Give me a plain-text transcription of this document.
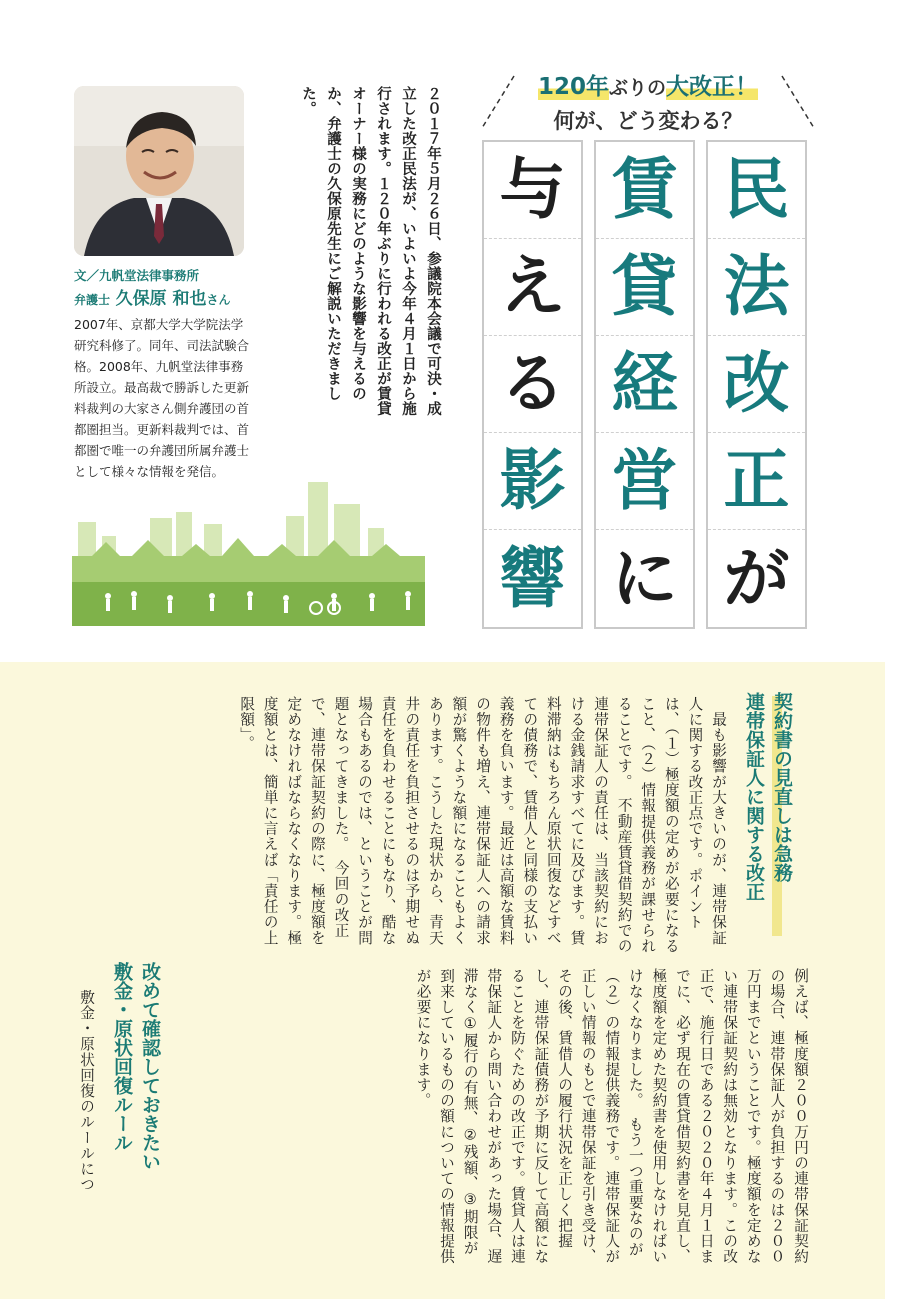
120年ぶりの大改正！
何が、どう変わる？
民
法
改
正
が
賃
貸
経
営
に
与
え
る
影
響
２０１７年５月２６日、参議院本会議で可決・成立した改正民法が、いよいよ今年４月１日から施行されます。１２０年ぶりに行われる改正が賃貸オーナー様の実務にどのような影響を与えるのか、弁護士の久保原先生にご解説いただきました。
文／九帆堂法律事務所
弁護士 久保原 和也さん
2007年、京都大学大学院法学研究科修了。同年、司法試験合格。2008年、九帆堂法律事務所設立。最高裁で勝訴した更新料裁判の大家さん側弁護団の首都圏担当。更新料裁判では、首都圏で唯一の弁護団所属弁護士として様々な情報を発信。
契約書の見直しは急務
連帯保証人に関する改正
　最も影響が大きいのが、連帯保証人に関する改正点です。ポイントは、（１）極度額の定めが必要になること、（２）情報提供義務が課せられることです。　不動産賃貸借契約での連帯保証人の責任は、当該契約における金銭請求すべてに及びます。賃料滞納はもちろん原状回復などすべての債務で、賃借人と同様の支払い義務を負います。最近は高額な賃料の物件も増え、連帯保証人への請求額が驚くような額になることもよくあります。こうした現状から、青天井の責任を負担させるのは予期せぬ責任を負わせることにもなり、酷な場合もあるのでは、ということが問題となってきました。　今回の改正で、連帯保証契約の際に、極度額を定めなければならなくなります。極度額とは、簡単に言えば「責任の上限額」。
例えば、極度額２００万円の連帯保証契約の場合、連帯保証人が負担するのは２００万円までということです。極度額を定めない連帯保証契約は無効となります。この改正で、施行日である２０２０年４月１日までに、必ず現在の賃貸借契約書を見直し、極度額を定めた契約書を使用しなければいけなくなりました。　もう一つ重要なのが（２）の情報提供義務です。連帯保証人が正しい情報のもとで連帯保証を引き受け、その後、賃借人の履行状況を正しく把握し、連帯保証債務が予期に反して高額になることを防ぐための改正です。賃貸人は連帯保証人から問い合わせがあった場合、遅滞なく①履行の有無、②残額、③期限が到来しているものの額についての情報提供が必要になります。
改めて確認しておきたい
敷金・原状回復ルール
　敷金・原状回復のルールにつ
